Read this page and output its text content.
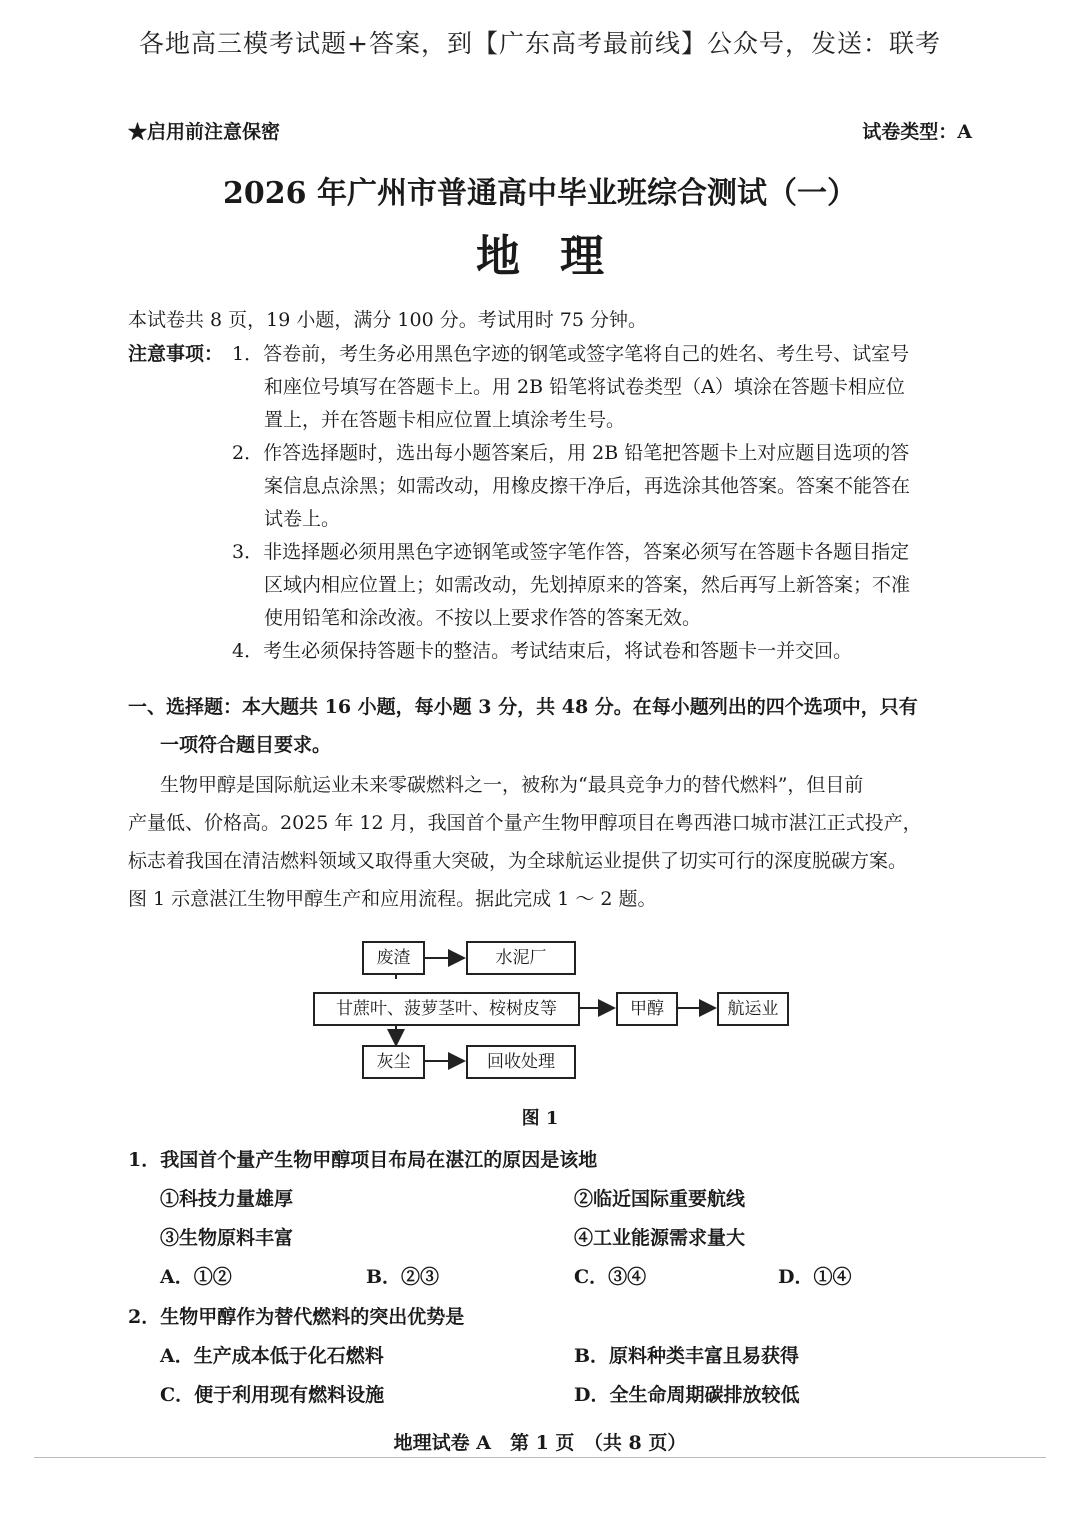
各地高三模考试题+答案，到【广东高考最前线】公众号，发送：联考
★启用前注意保密	试卷类型：A
2026 年广州市普通高中毕业班综合测试（一）
地理
本试卷共 8 页，19 小题，满分 100 分。考试用时 75 分钟。
注意事项： 1．答卷前，考生务必用黑色字迹的钢笔或签字笔将自己的姓名、考生号、试室号
和座位号填写在答题卡上。用 2B 铅笔将试卷类型（A）填涂在答题卡相应位
置上，并在答题卡相应位置上填涂考生号。
2．作答选择题时，选出每小题答案后，用 2B 铅笔把答题卡上对应题目选项的答
案信息点涂黑；如需改动，用橡皮擦干净后，再选涂其他答案。答案不能答在
试卷上。
3．非选择题必须用黑色字迹钢笔或签字笔作答，答案必须写在答题卡各题目指定
区域内相应位置上；如需改动，先划掉原来的答案，然后再写上新答案；不准
使用铅笔和涂改液。不按以上要求作答的答案无效。
4．考生必须保持答题卡的整洁。考试结束后，将试卷和答题卡一并交回。
一、选择题：本大题共 16 小题，每小题 3 分，共 48 分。在每小题列出的四个选项中，只有
一项符合题目要求。
生物甲醇是国际航运业未来零碳燃料之一，被称为“最具竞争力的替代燃料”，但目前
产量低、价格高。2025 年 12 月，我国首个量产生物甲醇项目在粤西港口城市湛江正式投产，
标志着我国在清洁燃料领域又取得重大突破，为全球航运业提供了切实可行的深度脱碳方案。
图 1 示意湛江生物甲醇生产和应用流程。据此完成 1 ～ 2 题。
废渣	水泥厂
甘蔗叶、菠萝茎叶、桉树皮等	甲醇	航运业
灰尘	回收处理
图 1
1．我国首个量产生物甲醇项目布局在湛江的原因是该地
①科技力量雄厚	②临近国际重要航线
③生物原料丰富	④工业能源需求量大
A．①②	B．②③	C．③④	D．①④
2．生物甲醇作为替代燃料的突出优势是
A．生产成本低于化石燃料	B．原料种类丰富且易获得
C．便于利用现有燃料设施	D．全生命周期碳排放较低
地理试卷 A　第 1 页　（共 8 页）
